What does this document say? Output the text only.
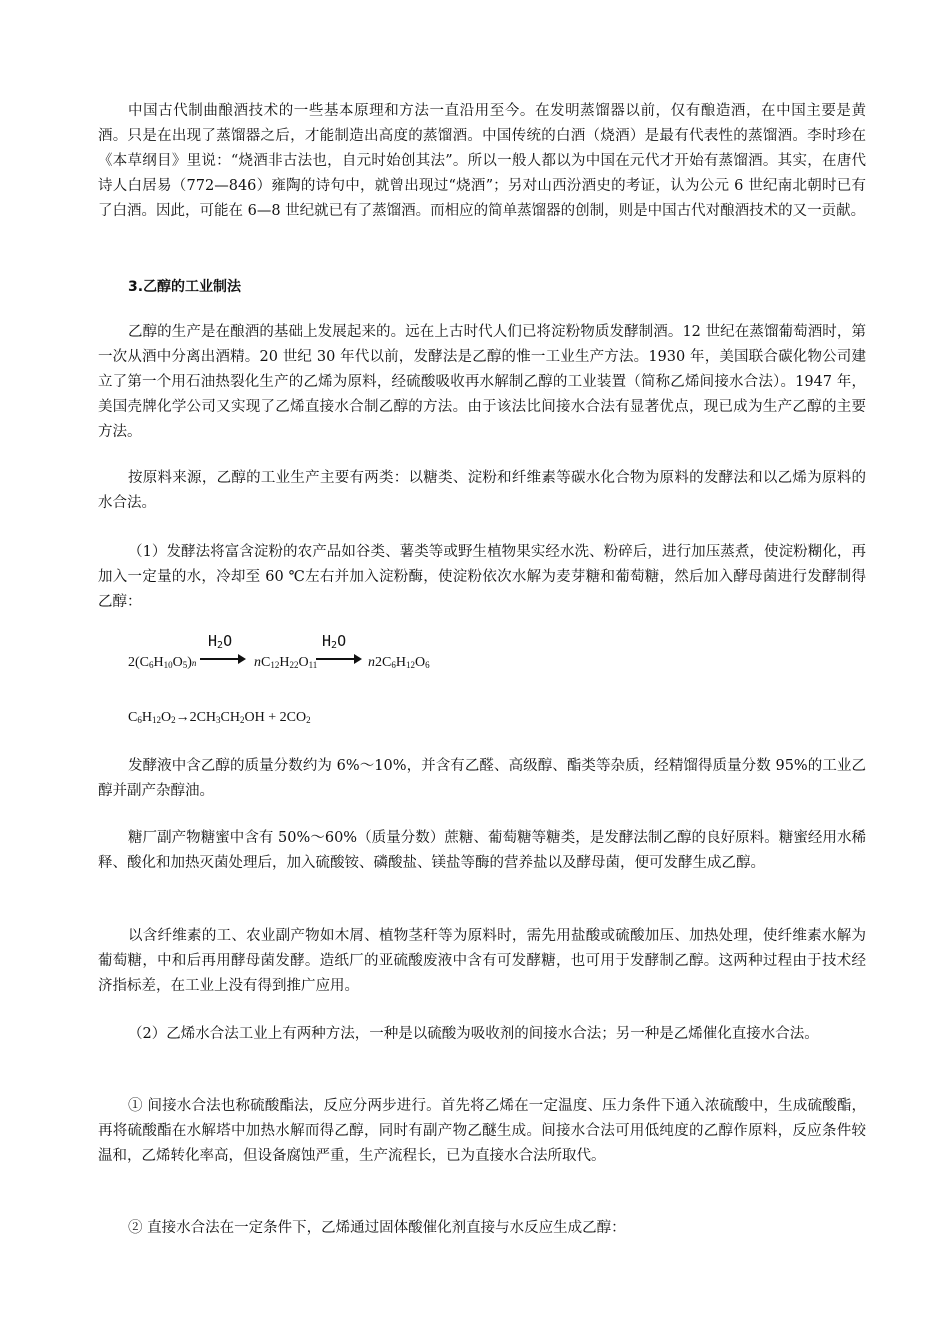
中国古代制曲酿酒技术的一些基本原理和方法一直沿用至今。在发明蒸馏器以前，仅有酿造酒，在中国主要是黄酒。只是在出现了蒸馏器之后，才能制造出高度的蒸馏酒。中国传统的白酒（烧酒）是最有代表性的蒸馏酒。李时珍在《本草纲目》里说：“烧酒非古法也，自元时始创其法”。所以一般人都以为中国在元代才开始有蒸馏酒。其实，在唐代诗人白居易（772—846）雍陶的诗句中，就曾出现过“烧酒”；另对山西汾酒史的考证，认为公元 6 世纪南北朝时已有了白酒。因此，可能在 6—8 世纪就已有了蒸馏酒。而相应的简单蒸馏器的创制，则是中国古代对酿酒技术的又一贡献。

3.乙醇的工业制法

乙醇的生产是在酿酒的基础上发展起来的。远在上古时代人们已将淀粉物质发酵制酒。12 世纪在蒸馏葡萄酒时，第一次从酒中分离出酒精。20 世纪 30 年代以前，发酵法是乙醇的惟一工业生产方法。1930 年，美国联合碳化物公司建立了第一个用石油热裂化生产的乙烯为原料，经硫酸吸收再水解制乙醇的工业装置（简称乙烯间接水合法）。1947 年，美国壳牌化学公司又实现了乙烯直接水合制乙醇的方法。由于该法比间接水合法有显著优点，现已成为生产乙醇的主要方法。

按原料来源，乙醇的工业生产主要有两类：以糖类、淀粉和纤维素等碳水化合物为原料的发酵法和以乙烯为原料的水合法。

（1）发酵法将富含淀粉的农产品如谷类、薯类等或野生植物果实经水洗、粉碎后，进行加压蒸煮，使淀粉糊化，再加入一定量的水，冷却至 60 ℃左右并加入淀粉酶，使淀粉依次水解为麦芽糖和葡萄糖，然后加入酵母菌进行发酵制得乙醇：

$2(C_6H_{10}O_5)n$
$H_2O$
$nC_{12}H_{22}O_{11}$
$H_2O$
$n2C_6H_{12}O_6$
$C_6H_{12}O_2\to 2CH_3CH_2OH + 2CO_2$

发酵液中含乙醇的质量分数约为 6%～10%，并含有乙醛、高级醇、酯类等杂质，经精馏得质量分数 95%的工业乙醇并副产杂醇油。

糖厂副产物糖蜜中含有 50%～60%（质量分数）蔗糖、葡萄糖等糖类，是发酵法制乙醇的良好原料。糖蜜经用水稀释、酸化和加热灭菌处理后，加入硫酸铵、磷酸盐、镁盐等酶的营养盐以及酵母菌，便可发酵生成乙醇。

以含纤维素的工、农业副产物如木屑、植物茎秆等为原料时，需先用盐酸或硫酸加压、加热处理，使纤维素水解为葡萄糖，中和后再用酵母菌发酵。造纸厂的亚硫酸废液中含有可发酵糖，也可用于发酵制乙醇。这两种过程由于技术经济指标差，在工业上没有得到推广应用。

（2）乙烯水合法工业上有两种方法，一种是以硫酸为吸收剂的间接水合法；另一种是乙烯催化直接水合法。

① 间接水合法也称硫酸酯法，反应分两步进行。首先将乙烯在一定温度、压力条件下通入浓硫酸中，生成硫酸酯，再将硫酸酯在水解塔中加热水解而得乙醇，同时有副产物乙醚生成。间接水合法可用低纯度的乙醇作原料，反应条件较温和，乙烯转化率高，但设备腐蚀严重，生产流程长，已为直接水合法所取代。

② 直接水合法在一定条件下，乙烯通过固体酸催化剂直接与水反应生成乙醇：
